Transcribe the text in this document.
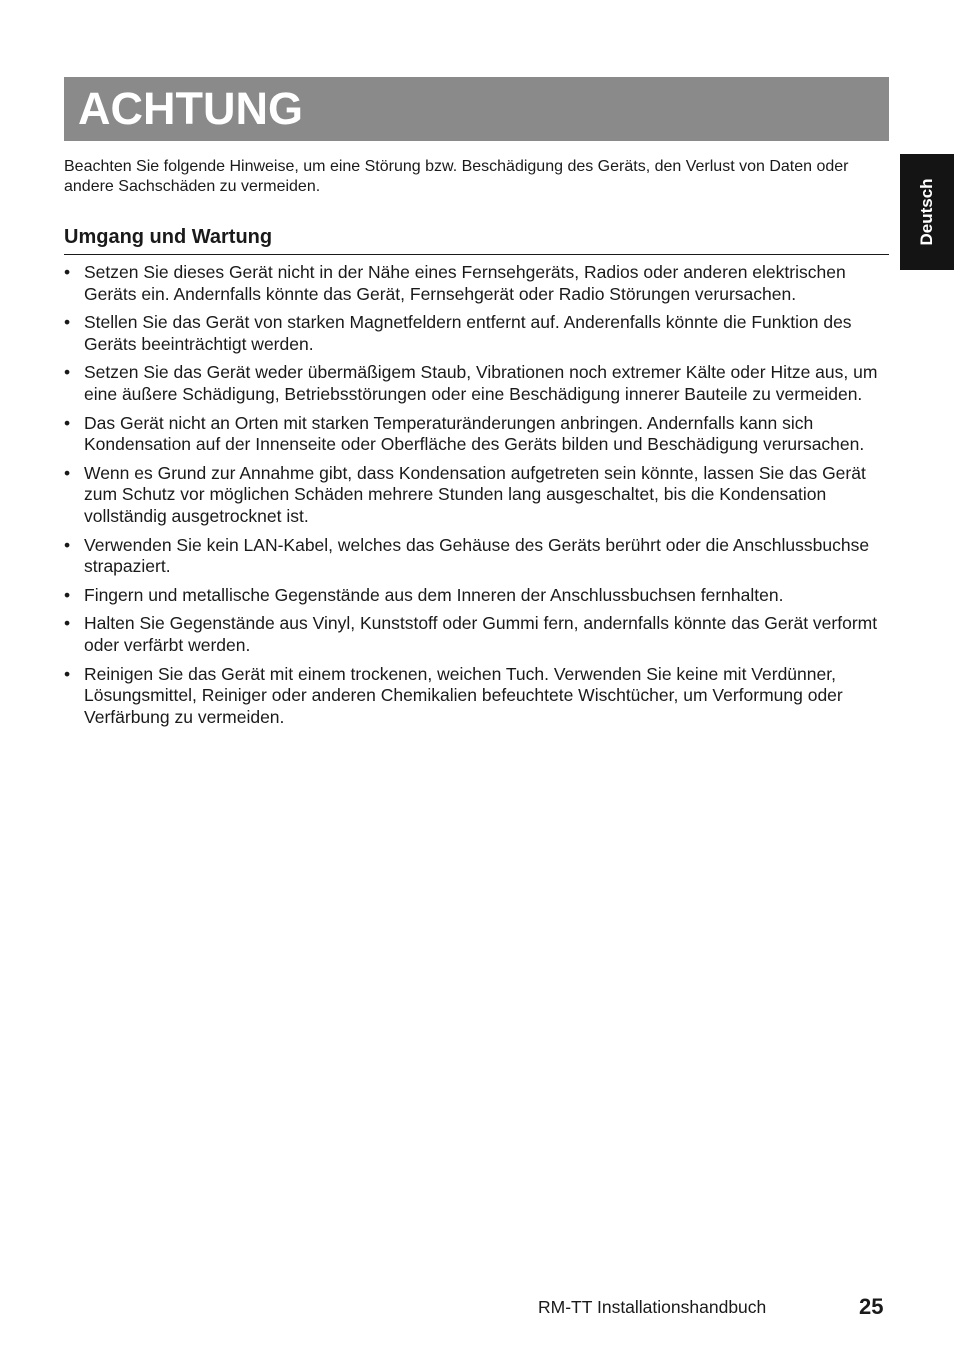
ACHTUNG
Deutsch

Beachten Sie folgende Hinweise, um eine Störung bzw. Beschädigung des Geräts, den Verlust von Daten oder andere Sachschäden zu vermeiden.

Umgang und Wartung
• Setzen Sie dieses Gerät nicht in der Nähe eines Fernsehgeräts, Radios oder anderen elektrischen Geräts ein. Andernfalls könnte das Gerät, Fernsehgerät oder Radio Störungen verursachen.
• Stellen Sie das Gerät von starken Magnetfeldern entfernt auf. Anderenfalls könnte die Funktion des Geräts beeinträchtigt werden.
• Setzen Sie das Gerät weder übermäßigem Staub, Vibrationen noch extremer Kälte oder Hitze aus, um eine äußere Schädigung, Betriebsstörungen oder eine Beschädigung innerer Bauteile zu vermeiden.
• Das Gerät nicht an Orten mit starken Temperaturänderungen anbringen. Andernfalls kann sich Kondensation auf der Innenseite oder Oberfläche des Geräts bilden und Beschädigung verursachen.
• Wenn es Grund zur Annahme gibt, dass Kondensation aufgetreten sein könnte, lassen Sie das Gerät zum Schutz vor möglichen Schäden mehrere Stunden lang ausgeschaltet, bis die Kondensation vollständig ausgetrocknet ist.
• Verwenden Sie kein LAN-Kabel, welches das Gehäuse des Geräts berührt oder die Anschlussbuchse strapaziert.
• Fingern und metallische Gegenstände aus dem Inneren der Anschlussbuchsen fernhalten.
• Halten Sie Gegenstände aus Vinyl, Kunststoff oder Gummi fern, andernfalls könnte das Gerät verformt oder verfärbt werden.
• Reinigen Sie das Gerät mit einem trockenen, weichen Tuch. Verwenden Sie keine mit Verdünner, Lösungsmittel, Reiniger oder anderen Chemikalien befeuchtete Wischtücher, um Verformung oder Verfärbung zu vermeiden.
RM-TT Installationshandbuch	25
